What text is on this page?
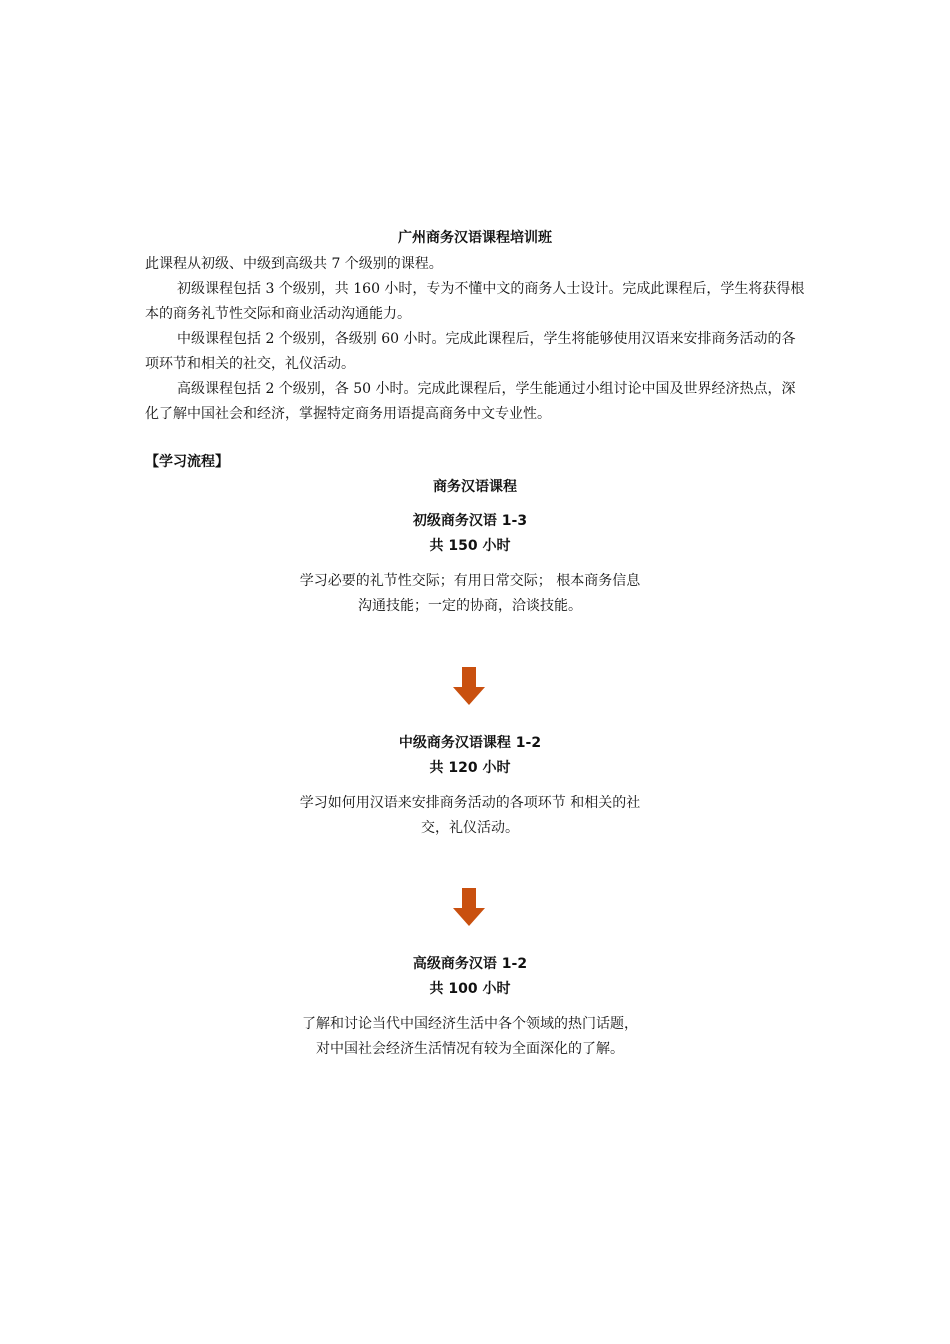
广州商务汉语课程培训班

此课程从初级、中级到高级共 7 个级别的课程。

初级课程包括 3 个级别，共 160 小时，专为不懂中文的商务人士设计。完成此课程后，学生将获得根本的商务礼节性交际和商业活动沟通能力。

中级课程包括 2 个级别，各级别 60 小时。完成此课程后，学生将能够使用汉语来安排商务活动的各项环节和相关的社交，礼仪活动。

高级课程包括 2 个级别，各 50 小时。完成此课程后，学生能通过小组讨论中国及世界经济热点，深化了解中国社会和经济，掌握特定商务用语提高商务中文专业性。

【学习流程】
商务汉语课程
初级商务汉语 1-3
共 150 小时
学习必要的礼节性交际；有用日常交际； 根本商务信息沟通技能；一定的协商，洽谈技能。
中级商务汉语课程 1-2
共 120 小时
学习如何用汉语来安排商务活动的各项环节 和相关的社交，礼仪活动。
高级商务汉语 1-2
共 100 小时
了解和讨论当代中国经济生活中各个领域的热门话题， 对中国社会经济生活情况有较为全面深化的了解。
